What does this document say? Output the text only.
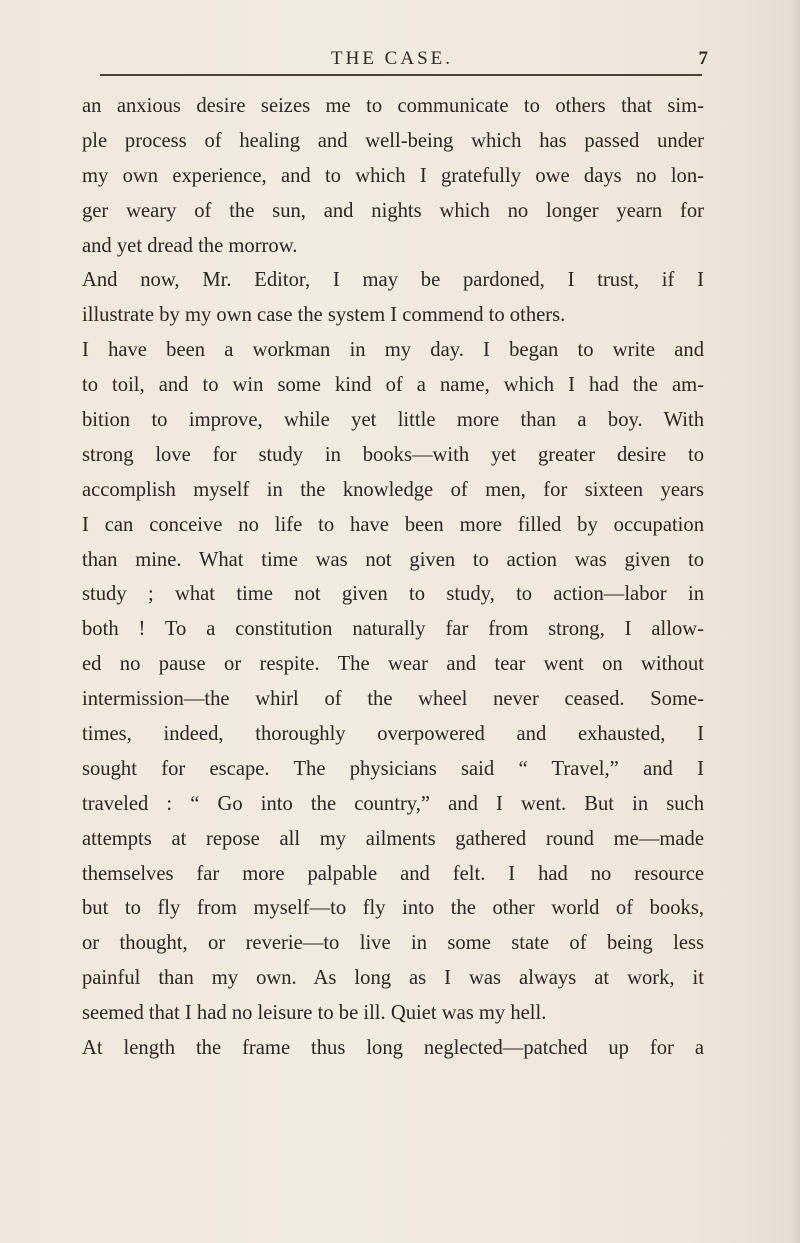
THE CASE.	7
an anxious desire seizes me to communicate to others that sim-
ple process of healing and well-being which has passed under
my own experience, and to which I gratefully owe days no lon-
ger weary of the sun, and nights which no longer yearn for
and yet dread the morrow.
And now, Mr. Editor, I may be pardoned, I trust, if I
illustrate by my own case the system I commend to others.
I have been a workman in my day. I began to write and
to toil, and to win some kind of a name, which I had the am-
bition to improve, while yet little more than a boy. With
strong love for study in books—with yet greater desire to
accomplish myself in the knowledge of men, for sixteen years
I can conceive no life to have been more filled by occupation
than mine. What time was not given to action was given to
study ; what time not given to study, to action—labor in
both ! To a constitution naturally far from strong, I allow-
ed no pause or respite. The wear and tear went on without
intermission—the whirl of the wheel never ceased. Some-
times, indeed, thoroughly overpowered and exhausted, I
sought for escape. The physicians said “ Travel,” and I
traveled : “ Go into the country,” and I went. But in such
attempts at repose all my ailments gathered round me—made
themselves far more palpable and felt. I had no resource
but to fly from myself—to fly into the other world of books,
or thought, or reverie—to live in some state of being less
painful than my own. As long as I was always at work, it
seemed that I had no leisure to be ill. Quiet was my hell.
At length the frame thus long neglected—patched up for a
